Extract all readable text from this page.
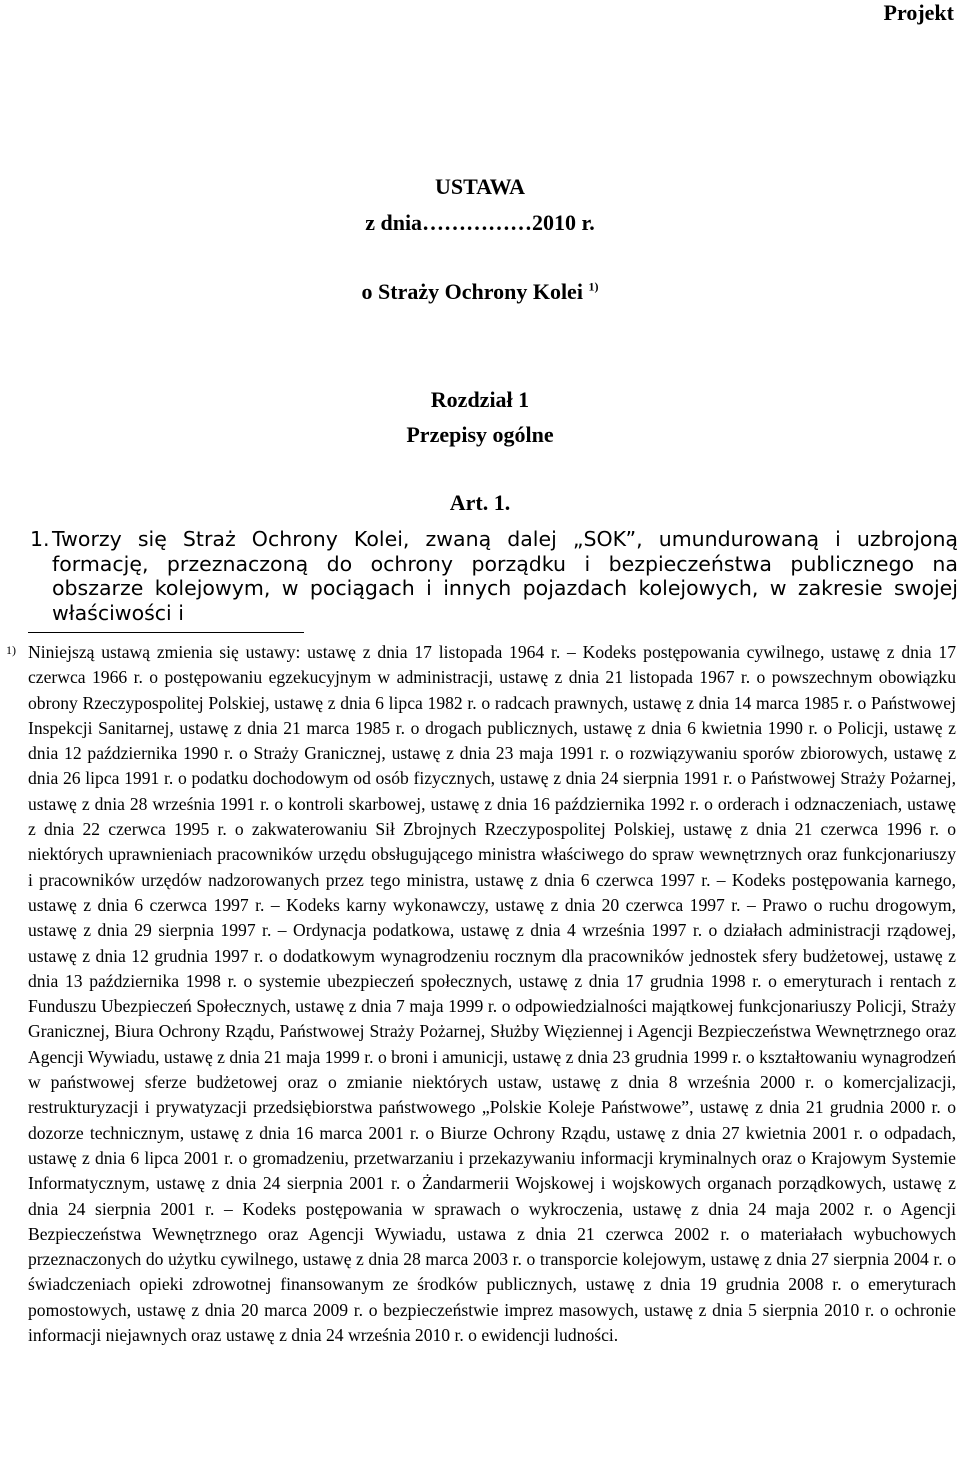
Projekt
USTAWA
z dnia……………2010 r.
o Straży Ochrony Kolei $^{1)}$
Rozdział 1
Przepisy ogólne
Art. 1.

1. Tworzy się Straż Ochrony Kolei, zwaną dalej „SOK”, umundurowaną i uzbrojoną formację, przeznaczoną do ochrony porządku i bezpieczeństwa publicznego na obszarze kolejowym, w pociągach i innych pojazdach kolejowych, w zakresie swojej właściwości i

1) Niniejszą ustawą zmienia się ustawy: ustawę z dnia 17 listopada 1964 r. – Kodeks postępowania cywilnego, ustawę z dnia 17 czerwca 1966 r. o postępowaniu egzekucyjnym w administracji, ustawę z dnia 21 listopada 1967 r. o powszechnym obowiązku obrony Rzeczypospolitej Polskiej, ustawę z dnia 6 lipca 1982 r. o radcach prawnych, ustawę z dnia 14 marca 1985 r. o Państwowej Inspekcji Sanitarnej, ustawę z dnia 21 marca 1985 r. o drogach publicznych, ustawę z dnia 6 kwietnia 1990 r. o Policji, ustawę z dnia 12 października 1990 r. o Straży Granicznej, ustawę z dnia 23 maja 1991 r. o rozwiązywaniu sporów zbiorowych, ustawę z dnia 26 lipca 1991 r. o podatku dochodowym od osób fizycznych, ustawę z dnia 24 sierpnia 1991 r. o Państwowej Straży Pożarnej, ustawę z dnia 28 września 1991 r. o kontroli skarbowej, ustawę z dnia 16 października 1992 r. o orderach i odznaczeniach, ustawę z dnia 22 czerwca 1995 r. o zakwaterowaniu Sił Zbrojnych Rzeczypospolitej Polskiej, ustawę z dnia 21 czerwca 1996 r. o niektórych uprawnieniach pracowników urzędu obsługującego ministra właściwego do spraw wewnętrznych oraz funkcjonariuszy i pracowników urzędów nadzorowanych przez tego ministra, ustawę z dnia 6 czerwca 1997 r. – Kodeks postępowania karnego, ustawę z dnia 6 czerwca 1997 r. – Kodeks karny wykonawczy, ustawę z dnia 20 czerwca 1997 r. – Prawo o ruchu drogowym, ustawę z dnia 29 sierpnia 1997 r. – Ordynacja podatkowa, ustawę z dnia 4 września 1997 r. o działach administracji rządowej, ustawę z dnia 12 grudnia 1997 r. o dodatkowym wynagrodzeniu rocznym dla pracowników jednostek sfery budżetowej, ustawę z dnia 13 października 1998 r. o systemie ubezpieczeń społecznych, ustawę z dnia 17 grudnia 1998 r. o emeryturach i rentach z Funduszu Ubezpieczeń Społecznych, ustawę z dnia 7 maja 1999 r. o odpowiedzialności majątkowej funkcjonariuszy Policji, Straży Granicznej, Biura Ochrony Rządu, Państwowej Straży Pożarnej, Służby Więziennej i Agencji Bezpieczeństwa Wewnętrznego oraz Agencji Wywiadu, ustawę z dnia 21 maja 1999 r. o broni i amunicji, ustawę z dnia 23 grudnia 1999 r. o kształtowaniu wynagrodzeń w państwowej sferze budżetowej oraz o zmianie niektórych ustaw, ustawę z dnia 8 września 2000 r. o komercjalizacji, restrukturyzacji i prywatyzacji przedsiębiorstwa państwowego „Polskie Koleje Państwowe”, ustawę z dnia 21 grudnia 2000 r. o dozorze technicznym, ustawę z dnia 16 marca 2001 r. o Biurze Ochrony Rządu, ustawę z dnia 27 kwietnia 2001 r. o odpadach, ustawę z dnia 6 lipca 2001 r. o gromadzeniu, przetwarzaniu i przekazywaniu informacji kryminalnych oraz o Krajowym Systemie Informatycznym, ustawę z dnia 24 sierpnia 2001 r. o Żandarmerii Wojskowej i wojskowych organach porządkowych, ustawę z dnia 24 sierpnia 2001 r. – Kodeks postępowania w sprawach o wykroczenia, ustawę z dnia 24 maja 2002 r. o Agencji Bezpieczeństwa Wewnętrznego oraz Agencji Wywiadu, ustawa z dnia 21 czerwca 2002 r. o materiałach wybuchowych przeznaczonych do użytku cywilnego, ustawę z dnia 28 marca 2003 r. o transporcie kolejowym, ustawę z dnia 27 sierpnia 2004 r. o świadczeniach opieki zdrowotnej finansowanym ze środków publicznych, ustawę z dnia 19 grudnia 2008 r. o emeryturach pomostowych, ustawę z dnia 20 marca 2009 r. o bezpieczeństwie imprez masowych, ustawę z dnia 5 sierpnia 2010 r. o ochronie informacji niejawnych oraz ustawę z dnia 24 września 2010 r. o ewidencji ludności.
